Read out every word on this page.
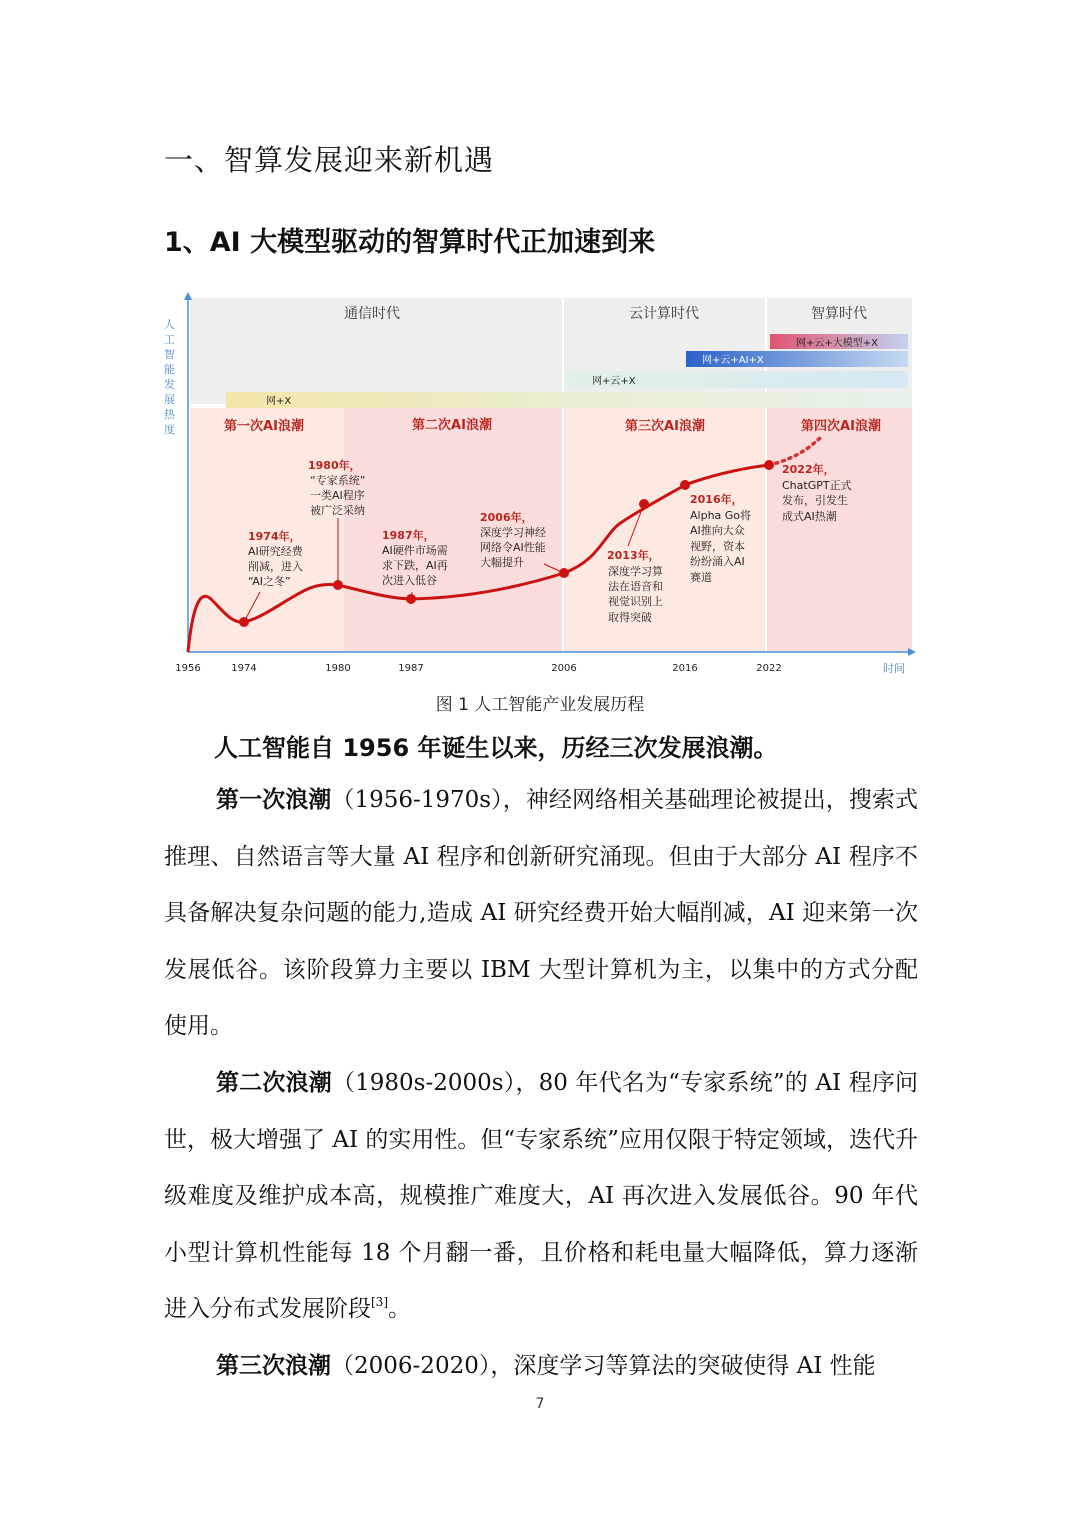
一、智算发展迎来新机遇
1、AI 大模型驱动的智算时代正加速到来
通信时代	云计算时代	智算时代
网+云+大模型+X
网+云+AI+X
网+云+X
网+X
第一次AI浪潮	第二次AI浪潮	第三次AI浪潮	第四次AI浪潮
人
工
智
能
发
展
热
度
1956	1974	1980	1987	2006	2016	2022	时间
1974年，
AI研究经费
削减，进入
“AI之冬”
1980年，
“专家系统”
一类AI程序
被广泛采纳
1987年，
AI硬件市场需
求下跌，AI再
次进入低谷
2006年，
深度学习神经
网络令AI性能
大幅提升
2013年，
深度学习算
法在语音和
视觉识别上
取得突破
2016年，
Alpha Go将
AI推向大众
视野，资本
纷纷涌入AI
赛道
2022年，
ChatGPT正式
发布，引发生
成式AI热潮
图 1 人工智能产业发展历程
人工智能自 1956 年诞生以来，历经三次发展浪潮。

第一次浪潮（1956-1970s），神经网络相关基础理论被提出，搜索式推理、自然语言等大量 AI 程序和创新研究涌现。但由于大部分 AI 程序不具备解决复杂问题的能力,造成 AI 研究经费开始大幅削减，AI 迎来第一次发展低谷。该阶段算力主要以 IBM 大型计算机为主，以集中的方式分配使用。

第二次浪潮（1980s-2000s），80 年代名为“专家系统”的 AI 程序问世，极大增强了 AI 的实用性。但“专家系统”应用仅限于特定领域，迭代升级难度及维护成本高，规模推广难度大，AI 再次进入发展低谷。90 年代小型计算机性能每 18 个月翻一番，且价格和耗电量大幅降低，算力逐渐进入分布式发展阶段[3]。

第三次浪潮（2006-2020），深度学习等算法的突破使得 AI 性能

7
